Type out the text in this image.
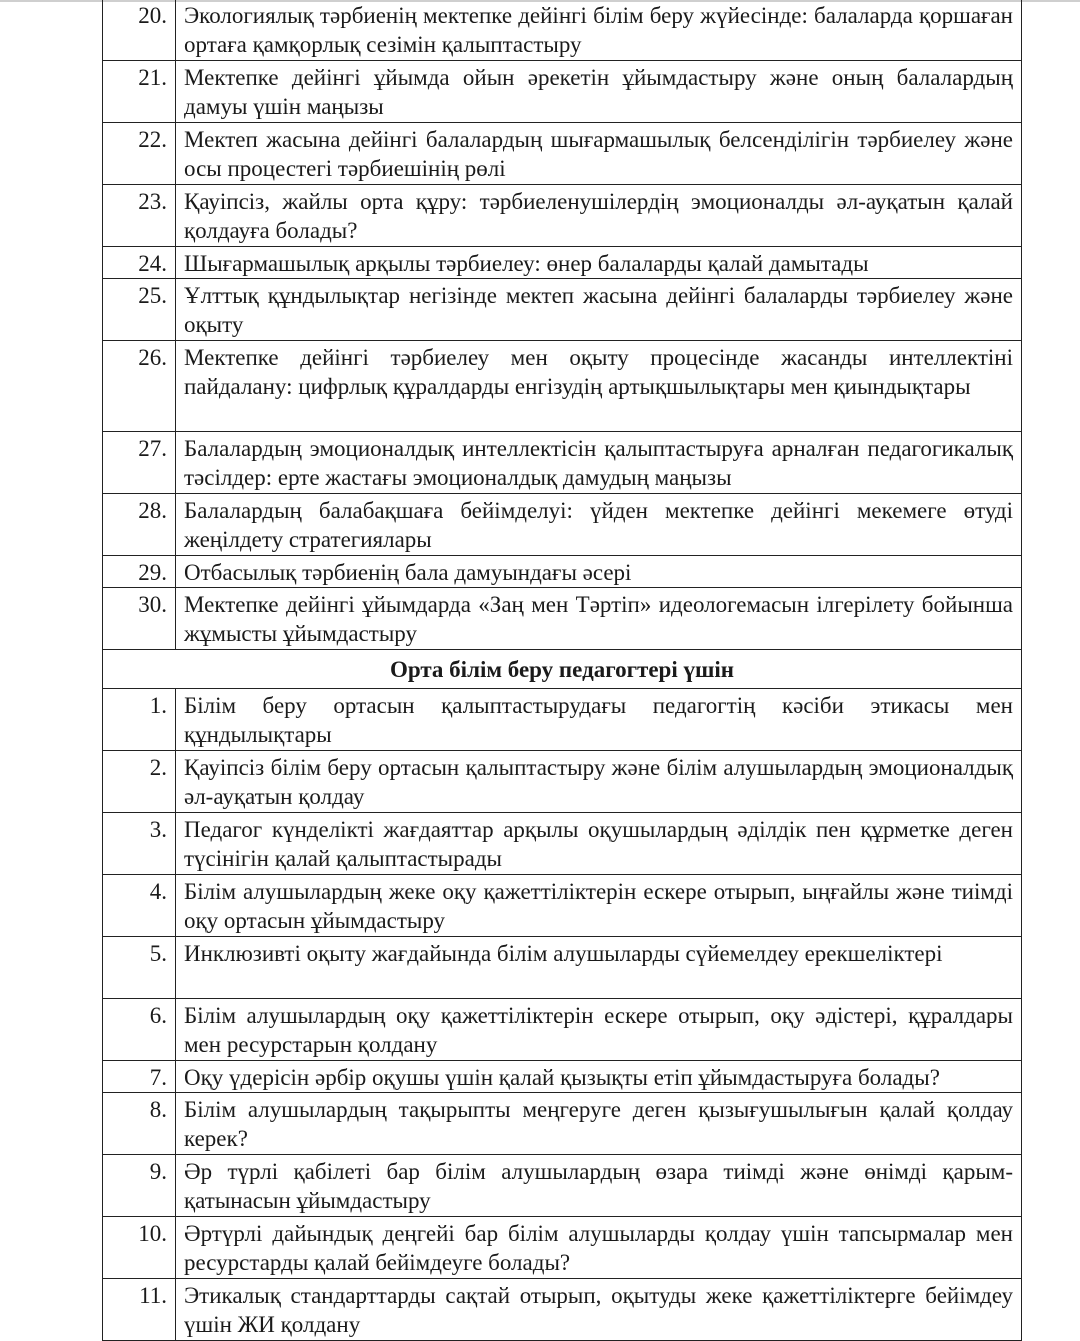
20.	Экологиялық тәрбиенің мектепке дейінгі білім беру жүйесінде: балаларда қоршаған ортаға қамқорлық сезімін қалыптастыру
21.	Мектепке дейінгі ұйымда ойын әрекетін ұйымдастыру және оның балалардың дамуы үшін маңызы
22.	Мектеп жасына дейінгі балалардың шығармашылық белсенділігін тәрбиелеу және осы процестегі тәрбиешінің рөлі
23.	Қауіпсіз, жайлы орта құру: тәрбиеленушілердің эмоционалды әл-ауқатын қалай қолдауға болады?
24.	Шығармашылық арқылы тәрбиелеу: өнер балаларды қалай дамытады
25.	Ұлттық құндылықтар негізінде мектеп жасына дейінгі балаларды тәрбиелеу және оқыту
26.	Мектепке дейінгі тәрбиелеу мен оқыту процесінде жасанды интеллектіні пайдалану: цифрлық құралдарды енгізудің артықшылықтары мен қиындықтары
27.	Балалардың эмоционалдық интеллектісін қалыптастыруға арналған педагогикалық тәсілдер: ерте жастағы эмоционалдық дамудың маңызы
28.	Балалардың балабақшаға бейімделуі: үйден мектепке дейінгі мекемеге өтуді жеңілдету стратегиялары
29.	Отбасылық тәрбиенің бала дамуындағы әсері
30.	Мектепке дейінгі ұйымдарда «Заң мен Тәртіп» идеологемасын ілгерілету бойынша жұмысты ұйымдастыру
Орта білім беру педагогтері үшін	
1.	Білім беру ортасын қалыптастырудағы педагогтің кәсіби этикасы мен құндылықтары
2.	Қауіпсіз білім беру ортасын қалыптастыру және білім алушылардың эмоционалдық әл-ауқатын қолдау
3.	Педагог күнделікті жағдаяттар арқылы оқушылардың әділдік пен құрметке деген түсінігін қалай қалыптастырады
4.	Білім алушылардың жеке оқу қажеттіліктерін ескере отырып, ыңғайлы және тиімді оқу ортасын ұйымдастыру
5.	Инклюзивті оқыту жағдайында білім алушыларды сүйемелдеу ерекшеліктері
6.	Білім алушылардың оқу қажеттіліктерін ескере отырып, оқу әдістері, құралдары мен ресурстарын қолдану
7.	Оқу үдерісін әрбір оқушы үшін қалай қызықты етіп ұйымдастыруға болады?
8.	Білім алушылардың тақырыпты меңгеруге деген қызығушылығын қалай қолдау керек?
9.	Әр түрлі қабілеті бар білім алушылардың өзара тиімді және өнімді қарым-қатынасын ұйымдастыру
10.	Әртүрлі дайындық деңгейі бар білім алушыларды қолдау үшін тапсырмалар мен ресурстарды қалай бейімдеуге болады?
11.	Этикалық стандарттарды сақтай отырып, оқытуды жеке қажеттіліктерге бейімдеу үшін ЖИ қолдану
